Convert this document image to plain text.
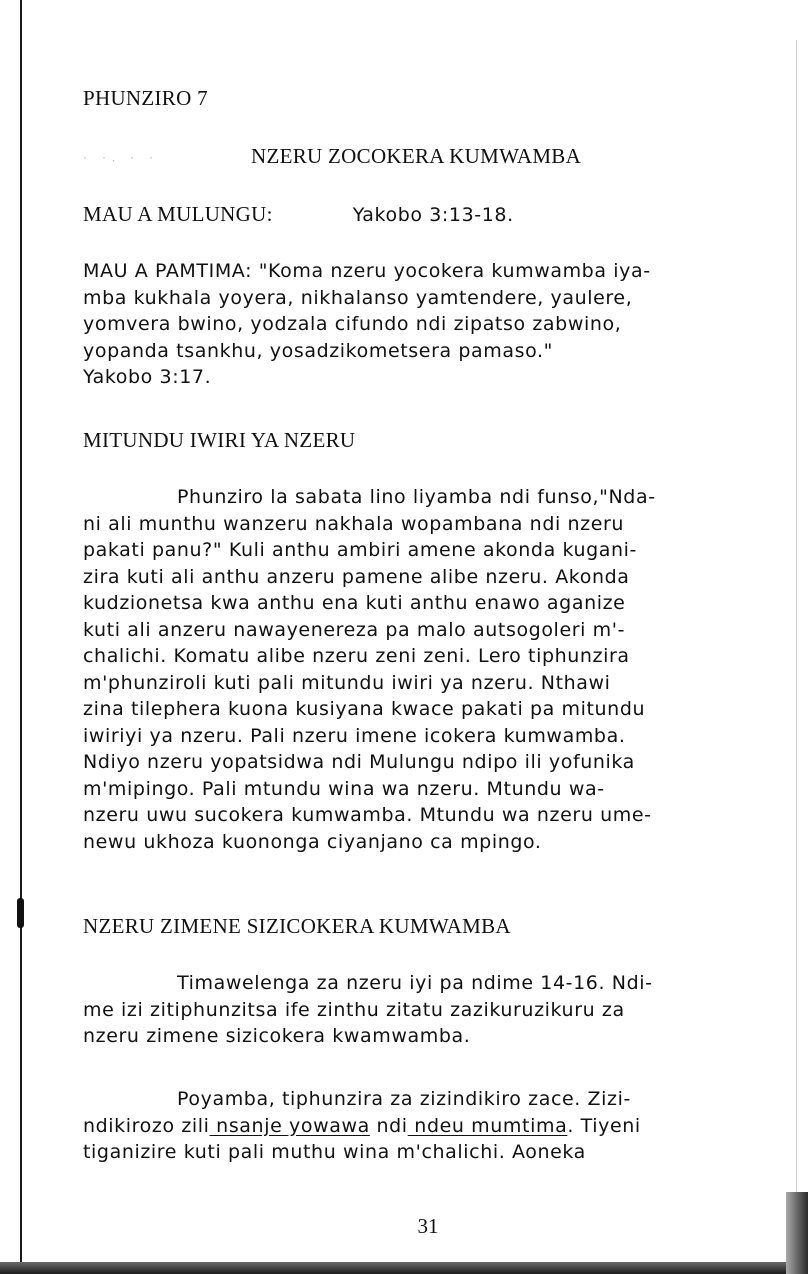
PHUNZIRO 7
· ·. · ·	NZERU ZOCOKERA KUMWAMBA
MAU A MULUNGU:	Yakobo 3:13-18.

MAU A PAMTIMA: "Koma nzeru yocokera kumwamba iya-
mba kukhala yoyera, nikhalanso yamtendere, yaulere,
yomvera bwino, yodzala cifundo ndi zipatso zabwino,
yopanda tsankhu, yosadzikometsera pamaso."
Yakobo 3:17.

MITUNDU IWIRI YA NZERU

Phunziro la sabata lino liyamba ndi funso,"Nda-
ni ali munthu wanzeru nakhala wopambana ndi nzeru
pakati panu?" Kuli anthu ambiri amene akonda kugani-
zira kuti ali anthu anzeru pamene alibe nzeru. Akonda
kudzionetsa kwa anthu ena kuti anthu enawo aganize
kuti ali anzeru nawayenereza pa malo autsogoleri m'-
chalichi. Komatu alibe nzeru zeni zeni. Lero tiphunzira
m'phunziroli kuti pali mitundu iwiri ya nzeru. Nthawi
zina tilephera kuona kusiyana kwace pakati pa mitundu
iwiriyi ya nzeru. Pali nzeru imene icokera kumwamba.
Ndiyo nzeru yopatsidwa ndi Mulungu ndipo ili yofunika
m'mipingo. Pali mtundu wina wa nzeru. Mtundu wa-
nzeru uwu sucokera kumwamba. Mtundu wa nzeru ume-
newu ukhoza kuononga ciyanjano ca mpingo.

NZERU ZIMENE SIZICOKERA KUMWAMBA

Timawelenga za nzeru iyi pa ndime 14-16. Ndi-
me izi zitiphunzitsa ife zinthu zitatu zazikuruzikuru za
nzeru zimene sizicokera kwamwamba.

Poyamba, tiphunzira za zizindikiro zace. Zizi-
ndikirozo zili nsanje yowawa ndi ndeu mumtima. Tiyeni
tiganizire kuti pali muthu wina m'chalichi. Aoneka

31
